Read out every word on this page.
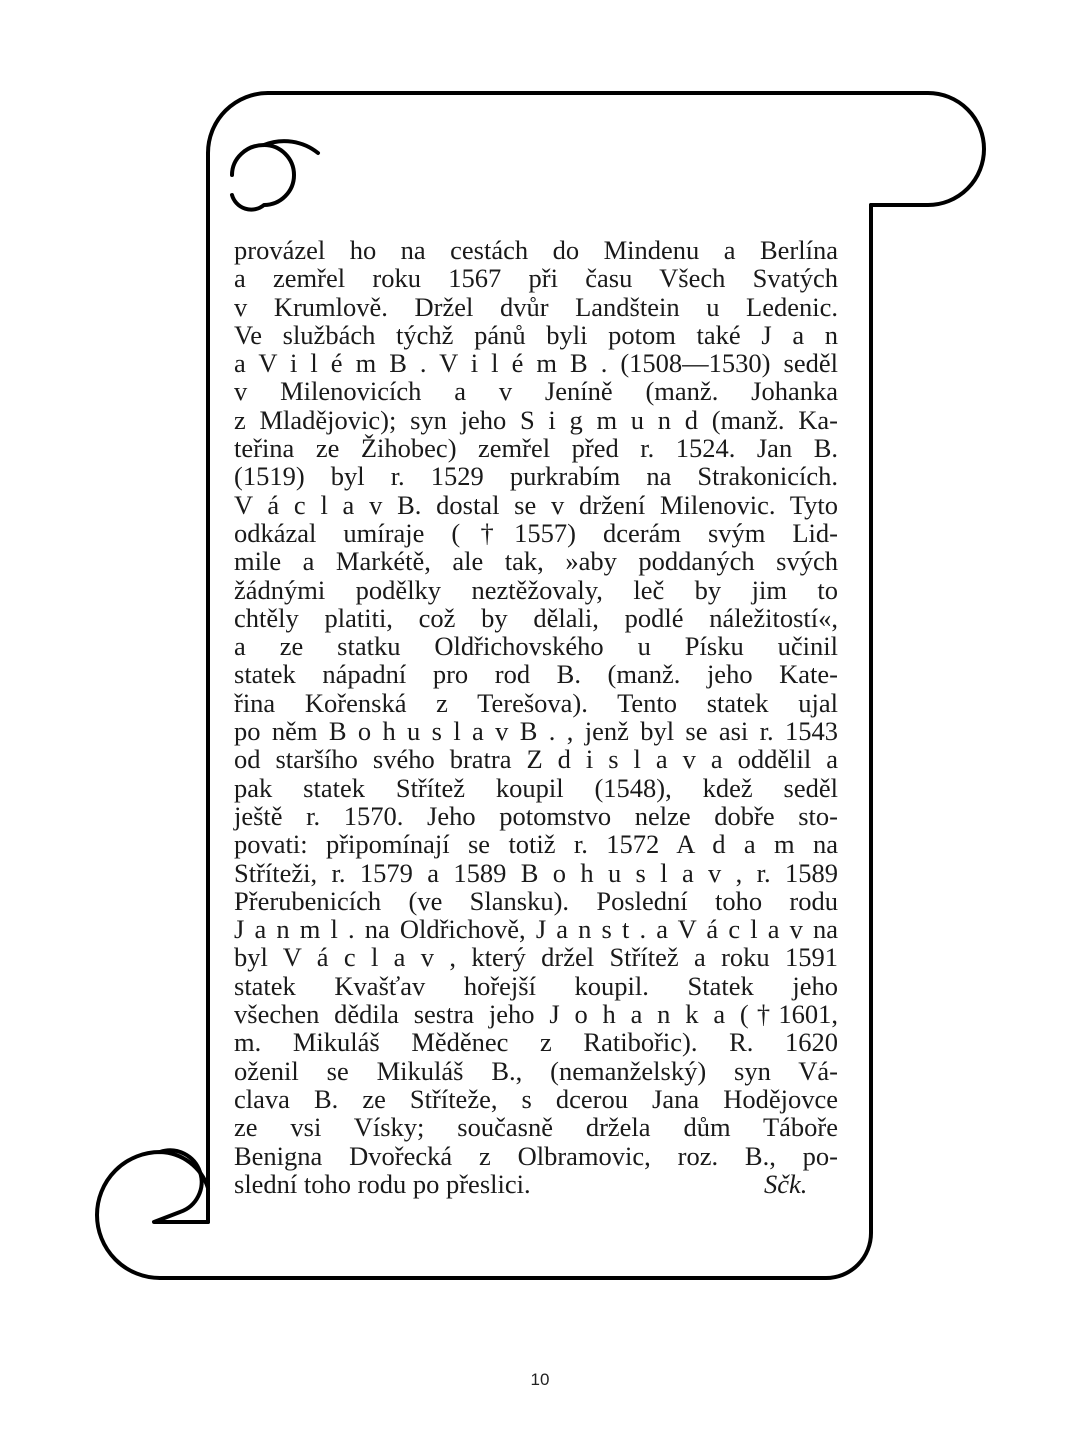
provázel ho na cestách do Mindenu a Berlína
a zemřel roku 1567 při času Všech Svatých
v Krumlově. Držel dvůr Landštein u Ledenic.
Ve službách týchž pánů byli potom také J a n
a V i l é m B . V i l é m B . (1508—1530) seděl
v Milenovicích a v Jeníně (manž. Johanka
z Mladějovic); syn jeho S i g m u n d (manž. Ka-
teřina ze Žihobec) zemřel před r. 1524. Jan B.
(1519) byl r. 1529 purkrabím na Strakonicích.
V á c l a v B. dostal se v držení Milenovic. Tyto
odkázal umíraje (†1557) dcerám svým Lid-
mile a Markétě, ale tak, »aby poddaných svých
žádnými podělky neztěžovaly, leč by jim to
chtěly platiti, což by dělali, podlé náležitostí«,
a ze statku Oldřichovského u Písku učinil
statek nápadní pro rod B. (manž. jeho Kate-
řina Kořenská z Terešova). Tento statek ujal
po něm B o h u s l a v B . , jenž byl se asi r. 1543
od staršího svého bratra Z d i s l a v a oddělil a
pak statek Střítež koupil (1548), kdež seděl
ještě r. 1570. Jeho potomstvo nelze dobře sto-
povati: připomínají se totiž r. 1572 A d a m na
Stříteži, r. 1579 a 1589 B o h u s l a v , r. 1589
Přerubenicích (ve Slansku). Poslední toho rodu
J a n m l . na Oldřichově, J a n s t . a V á c l a v na
byl V á c l a v , který držel Střítež a roku 1591
statek Kvašťav hořejší koupil. Statek jeho
všechen dědila sestra jeho J o h a n k a (†1601,
m. Mikuláš Měděnec z Ratibořic). R. 1620
oženil se Mikuláš B., (nemanželský) syn Vá-
clava B. ze Stříteže, s dcerou Jana Hodějovce
ze vsi Vísky; současně držela dům Táboře
Benigna Dvořecká z Olbramovic, roz. B., po-
slední toho rodu po přeslici.	Sčk.
10
